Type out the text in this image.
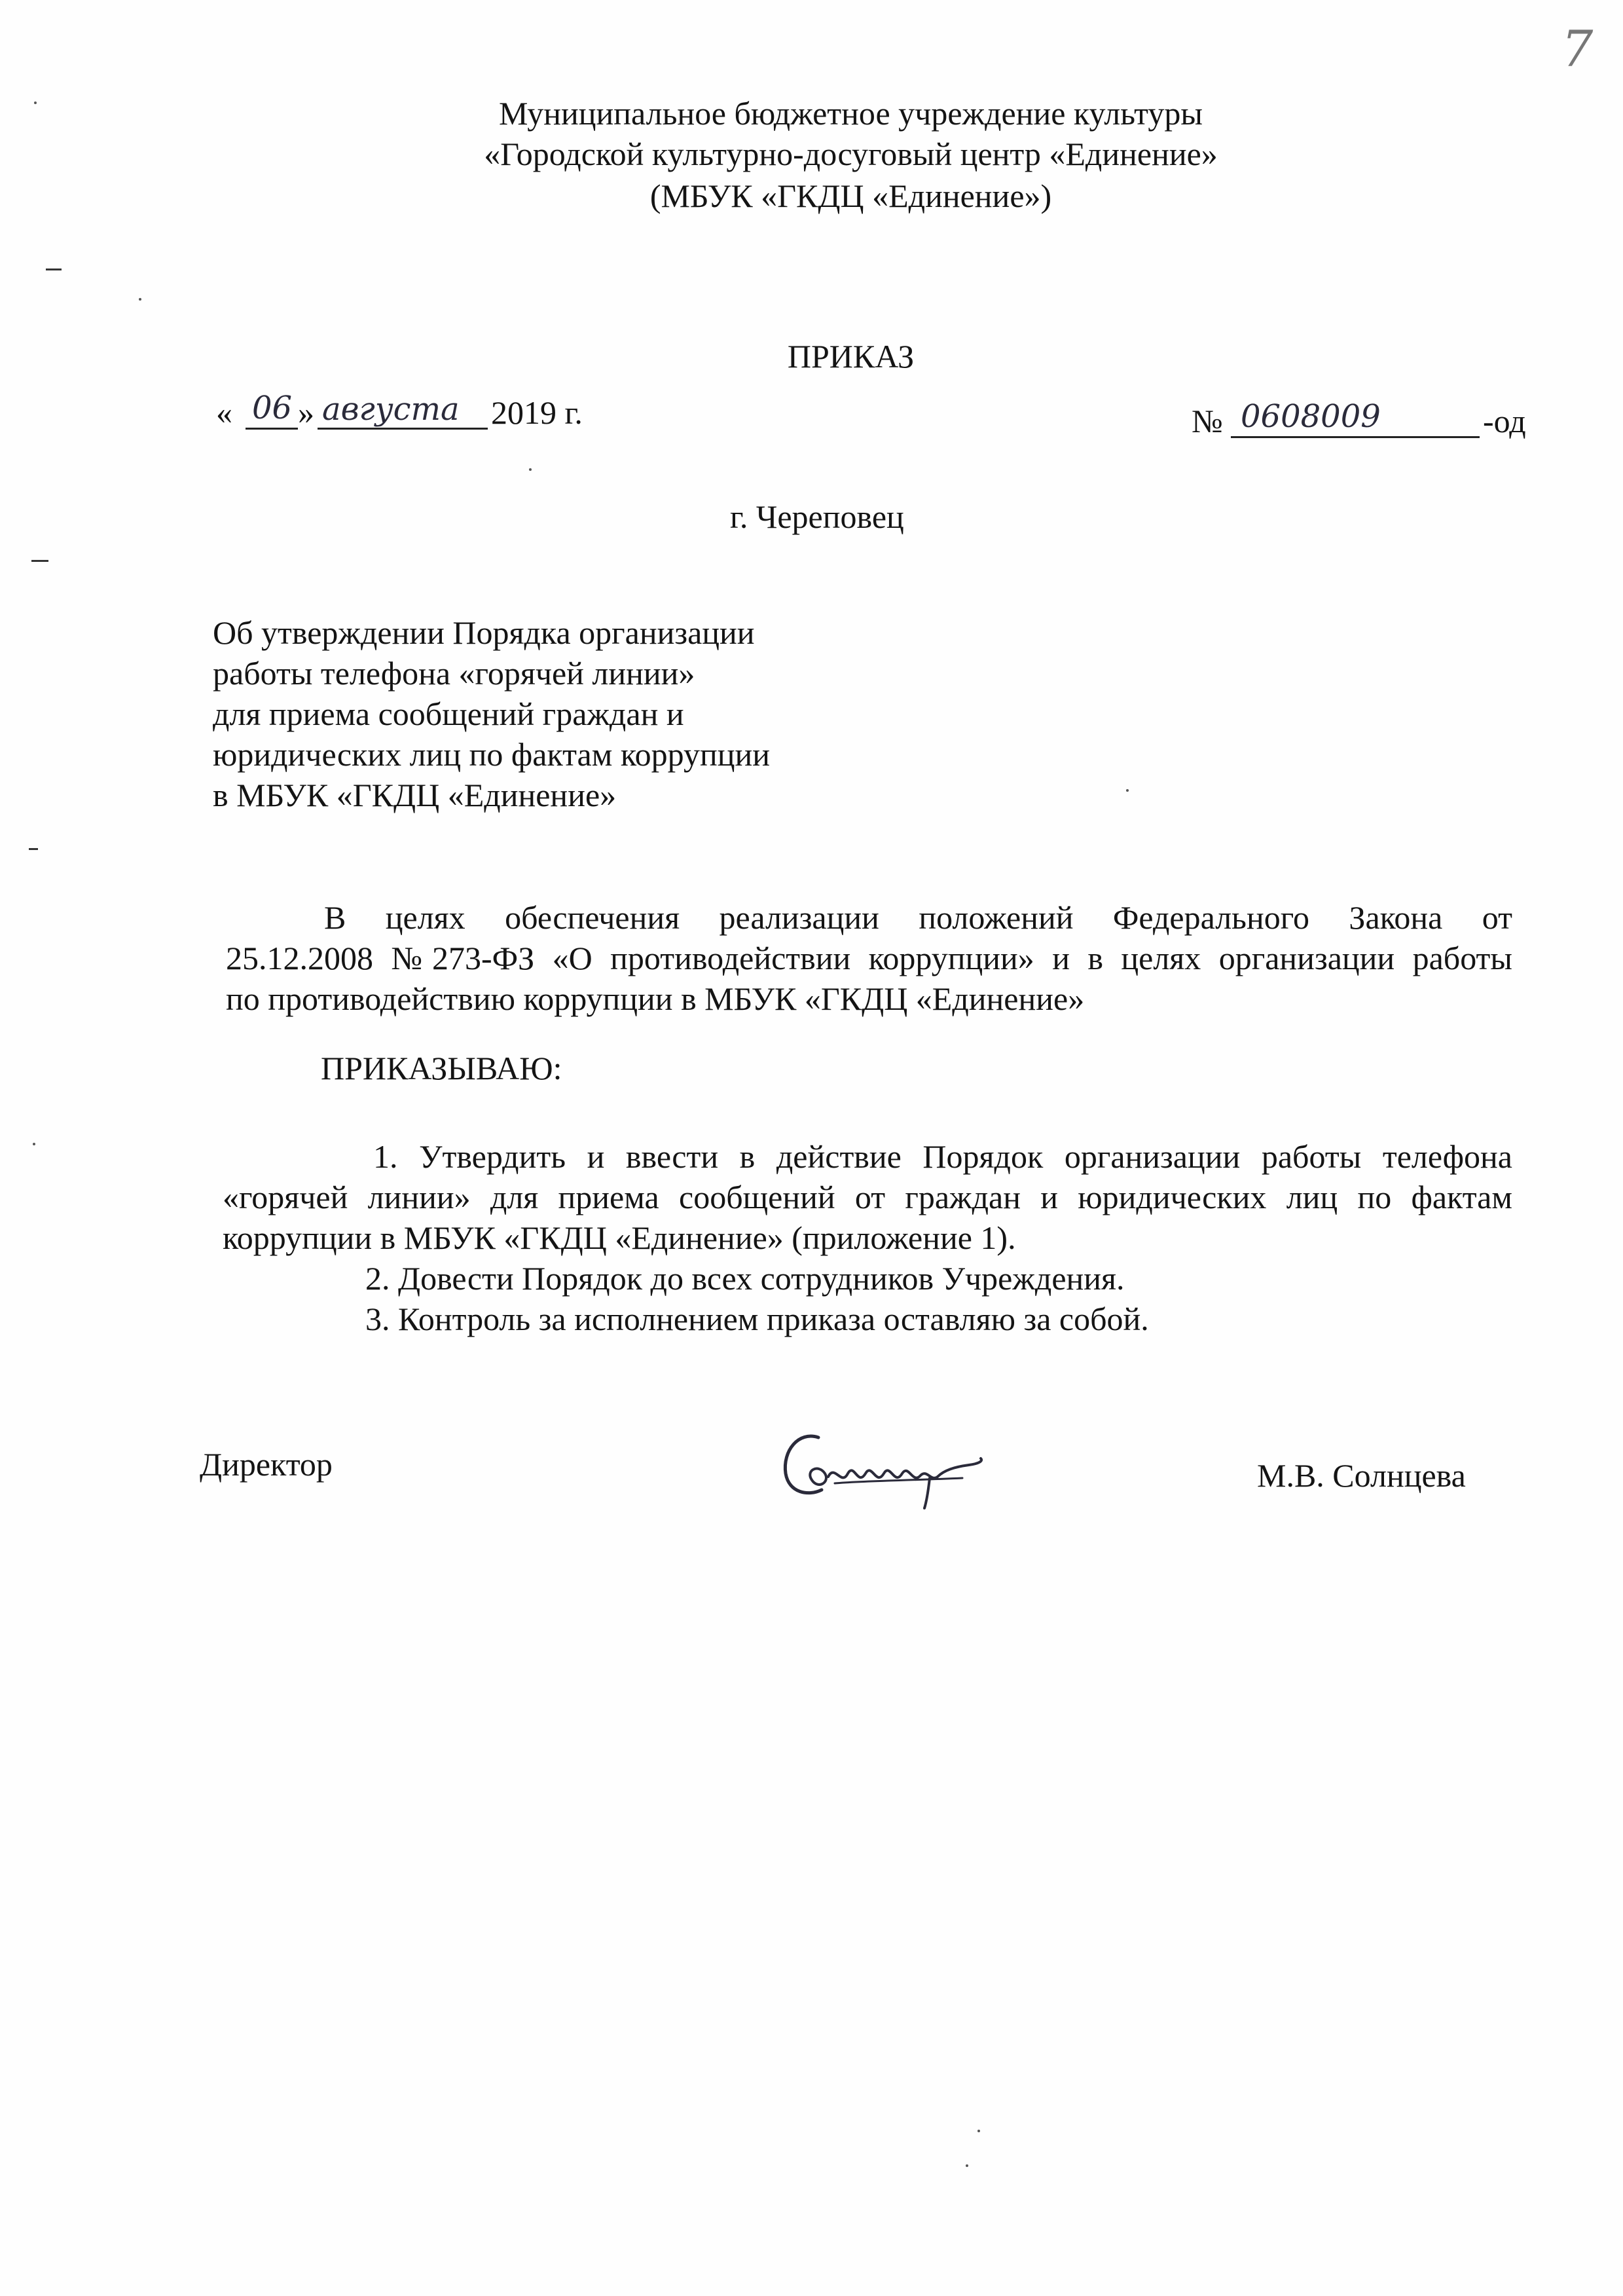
7
Муниципальное бюджетное учреждение культуры
«Городской культурно-досуговый центр «Единение»
(МБУК «ГКДЦ «Единение»)
ПРИКАЗ
« 06 » августа 2019 г.	№ 0608009	-од
г. Череповец
Об утверждении Порядка организации
работы телефона «горячей линии»
для приема сообщений граждан и
юридических лиц по фактам коррупции
в МБУК «ГКДЦ «Единение»
В целях обеспечения реализации положений Федерального Закона от
25.12.2008 №273-ФЗ «О противодействии коррупции» и в целях организации работы
по противодействию коррупции в МБУК «ГКДЦ «Единение»
ПРИКАЗЫВАЮ:
1. Утвердить и ввести в действие Порядок организации работы телефона
«горячей линии» для приема сообщений от граждан и юридических лиц по фактам
коррупции в МБУК «ГКДЦ «Единение» (приложение 1).
2. Довести Порядок до всех сотрудников Учреждения.
3. Контроль за исполнением приказа оставляю за собой.
Директор	М.В. Солнцева
